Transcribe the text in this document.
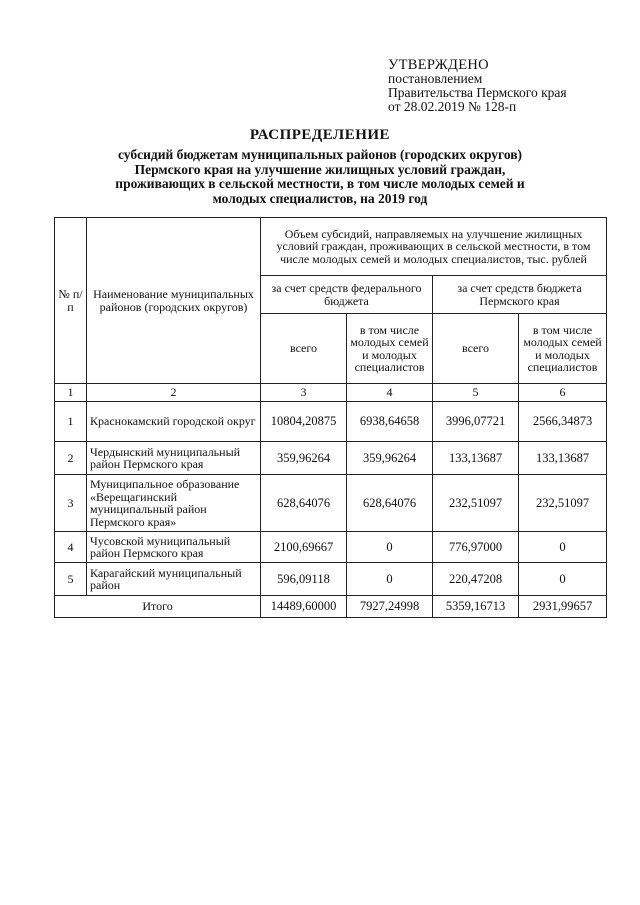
УТВЕРЖДЕНО
постановлением
Правительства Пермского края
от 28.02.2019 № 128-п
РАСПРЕДЕЛЕНИЕ
субсидий бюджетам муниципальных районов (городских округов) Пермского края на улучшение жилищных условий граждан, проживающих в сельской местности, в том числе молодых семей и молодых специалистов, на 2019 год
№ п/п	Наименование муниципальных районов (городских округов)	Объем субсидий, направляемых на улучшение жилищных условий граждан, проживающих в сельской местности, в том числе молодых семей и молодых специалистов, тыс. рублей			
		за счет средств федерального бюджета		за счет средств бюджета Пермского края	
		всего	в том числе молодых семей и молодых специалистов	всего	в том числе молодых семей и молодых специалистов
1	2	3	4	5	6
1	Краснокамский городской округ	10804,20875	6938,64658	3996,07721	2566,34873
2	Чердынский муниципальный район Пермского края	359,96264	359,96264	133,13687	133,13687
3	Муниципальное образование «Верещагинский муниципальный район Пермского края»	628,64076	628,64076	232,51097	232,51097
4	Чусовской муниципальный район Пермского края	2100,69667	0	776,97000	0
5	Карагайский муниципальный район	596,09118	0	220,47208	0
Итого		14489,60000	7927,24998	5359,16713	2931,99657
